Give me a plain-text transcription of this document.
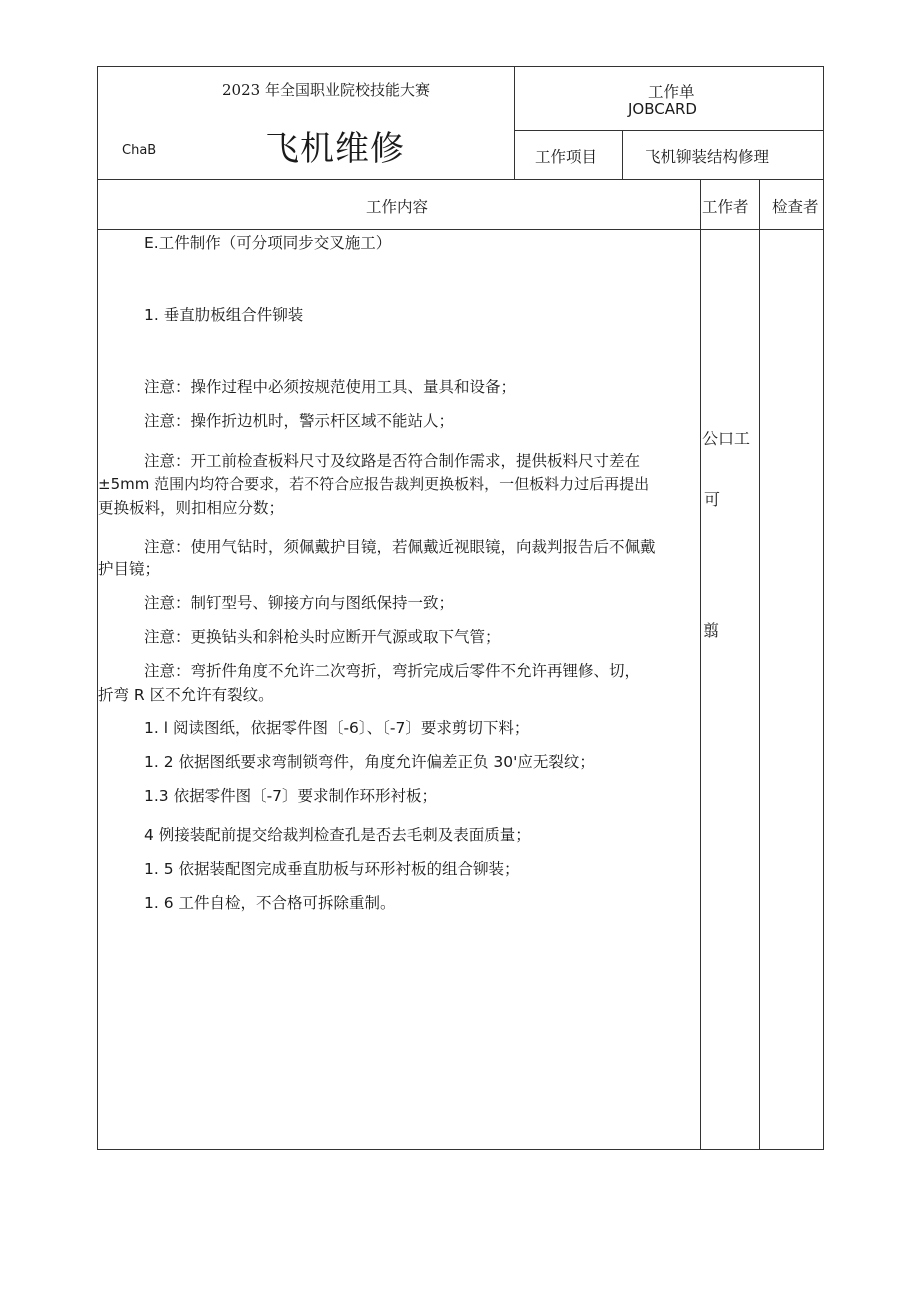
2023 年全国职业院校技能大赛
ChaB	飞机维修
工作单
JOBCARD
工作项目	飞机铆装结构修理
工作内容	工作者 检查者
E.工件制作（可分项同步交叉施工）
1. 垂直肋板组合件铆装
注意：操作过程中必须按规范使用工具、量具和设备；
注意：操作折边机时，警示杆区域不能站人；
注意：开工前检查板料尺寸及纹路是否符合制作需求，提供板料尺寸差在
±5mm 范围内均符合要求，若不符合应报告裁判更换板料，一但板料力过后再提出
更换板料，则扣相应分数；
注意：使用气钻时，须佩戴护目镜，若佩戴近视眼镜，向裁判报告后不佩戴
护目镜；
注意：制钉型号、铆接方向与图纸保持一致；
注意：更换钻头和斜枪头时应断开气源或取下气管；
注意：弯折件角度不允许二次弯折，弯折完成后零件不允许再锂修、切，
折弯 R 区不允许有裂纹。
1. l 阅读图纸，依据零件图〔-6〕、〔-7〕要求剪切下料；
1. 2 依据图纸要求弯制锁弯件，角度允许偏差正负 30'应无裂纹；
1.3 依据零件图〔-7〕要求制作环形衬板；
4 例接装配前提交给裁判检查孔是否去毛刺及表面质量；
1. 5 依据装配图完成垂直肋板与环形衬板的组合铆装；
1. 6 工件自检，不合格可拆除重制。
公口工
可
翦
